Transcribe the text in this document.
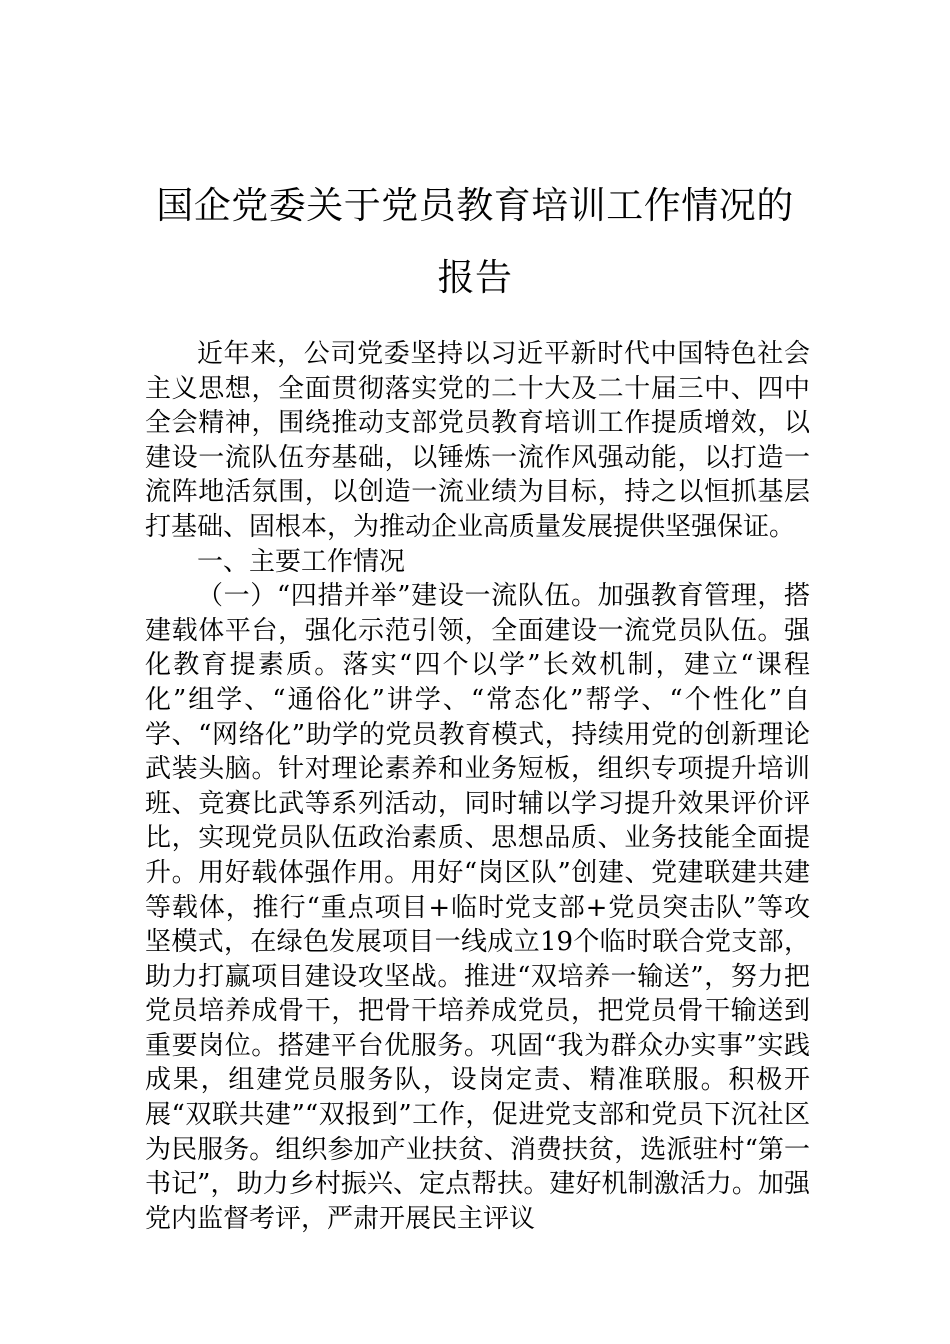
国企党委关于党员教育培训工作情况的报告

近年来，公司党委坚持以习近平新时代中国特色社会主义思想，全面贯彻落实党的二十大及二十届三中、四中全会精神，围绕推动支部党员教育培训工作提质增效，以建设一流队伍夯基础，以锤炼一流作风强动能，以打造一流阵地活氛围，以创造一流业绩为目标，持之以恒抓基层打基础、固根本，为推动企业高质量发展提供坚强保证。

一、主要工作情况

（一）“四措并举”建设一流队伍。加强教育管理，搭建载体平台，强化示范引领，全面建设一流党员队伍。强化教育提素质。落实“四个以学”长效机制，建立“课程化”组学、“通俗化”讲学、“常态化”帮学、“个性化”自学、“网络化”助学的党员教育模式，持续用党的创新理论武装头脑。针对理论素养和业务短板，组织专项提升培训班、竞赛比武等系列活动，同时辅以学习提升效果评价评比，实现党员队伍政治素质、思想品质、业务技能全面提升。用好载体强作用。用好“岗区队”创建、党建联建共建等载体，推行“重点项目+临时党支部+党员突击队”等攻坚模式，在绿色发展项目一线成立19个临时联合党支部，助力打赢项目建设攻坚战。推进“双培养一输送”，努力把党员培养成骨干，把骨干培养成党员，把党员骨干输送到重要岗位。搭建平台优服务。巩固“我为群众办实事”实践成果，组建党员服务队，设岗定责、精准联服。积极开展“双联共建”“双报到”工作，促进党支部和党员下沉社区为民服务。组织参加产业扶贫、消费扶贫，选派驻村“第一书记”，助力乡村振兴、定点帮扶。建好机制激活力。加强党内监督考评，严肃开展民主评议
